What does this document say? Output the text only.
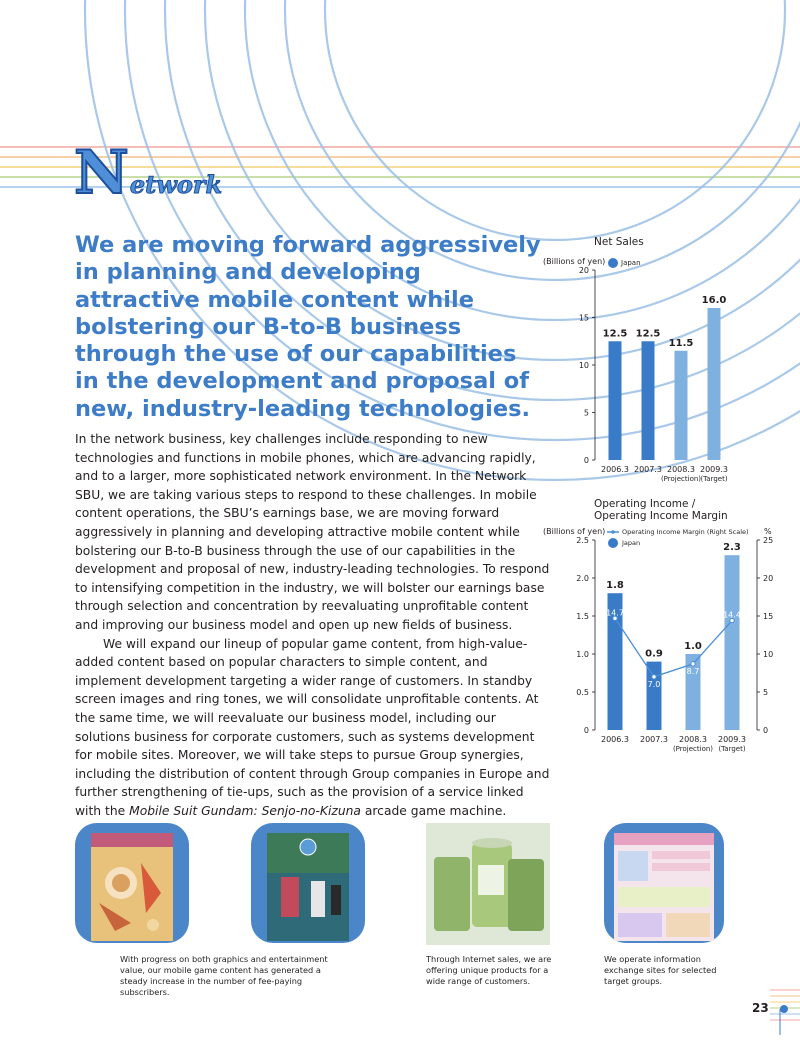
Network
We are moving forward aggressively in planning and developing attractive mobile content while bolstering our B-to-B business through the use of our capabilities in the development and proposal of new, industry-leading technologies.

In the network business, key challenges include responding to new technologies and functions in mobile phones, which are advancing rapidly, and to a larger, more sophisticated network environment. In the Network SBU, we are taking various steps to respond to these challenges. In mobile content operations, the SBU’s earnings base, we are moving forward aggressively in planning and developing attractive mobile content while bolstering our B-to-B business through the use of our capabilities in the development and proposal of new, industry-leading technologies. To respond to intensifying competition in the industry, we will bolster our earnings base through selection and concentration by reevaluating unprofitable content and improving our business model and open up new fields of business.

We will expand our lineup of popular game content, from high-value-added content based on popular characters to simple content, and implement development targeting a wider range of customers. In standby screen images and ring tones, we will consolidate unprofitable contents. At the same time, we will reevaluate our business model, including our solutions business for corporate customers, such as systems development for mobile sites. Moreover, we will take steps to pursue Group synergies, including the distribution of content through Group companies in Europe and further strengthening of tie-ups, such as the provision of a service linked with the Mobile Suit Gundam: Senjo-no-Kizuna arcade game machine.

Net Sales
(Billions of yen) Japan
0
5
10
15
20
12.5 12.5
11.5
16.0
2006.3 2007.3 2008.3
(Projection)
2009.3
(Target)
Operating Income /
Operating Income Margin
(Billions of yen)	%
Operating Income Margin (Right Scale)
Japan
0
0.5
1.0
1.5
2.0
2.5
0
5
10
15
20
25
14.7
7.0
8.7
14.4
1.8
0.9
1.0
2.3
2006.3 2007.3 2008.3
(Projection)
2009.3
(Target)
With progress on both graphics and entertainment value, our mobile game content has generated a steady increase in the number of fee-paying subscribers.
Through Internet sales, we are offering unique products for a wide range of customers.
We operate information exchange sites for selected target groups.
23
